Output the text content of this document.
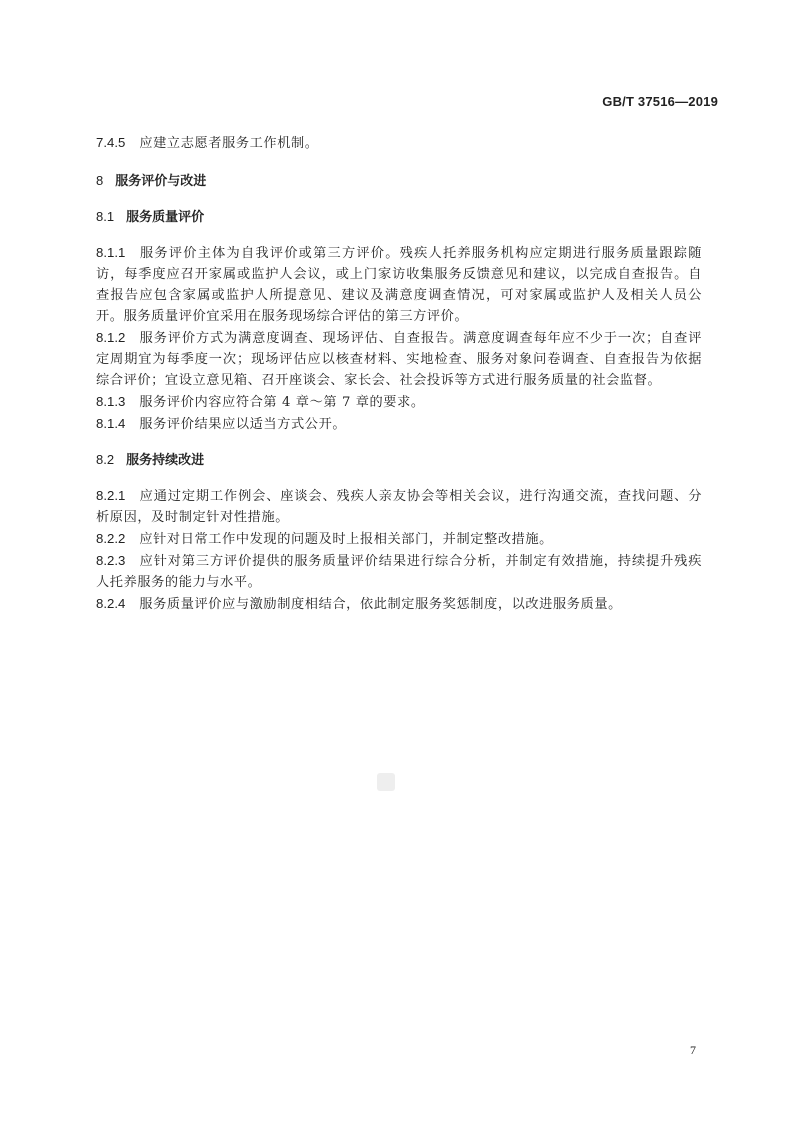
GB/T 37516—2019

7.4.5 应建立志愿者服务工作机制。

8 服务评价与改进

8.1 服务质量评价

8.1.1 服务评价主体为自我评价或第三方评价。残疾人托养服务机构应定期进行服务质量跟踪随访，每季度应召开家属或监护人会议，或上门家访收集服务反馈意见和建议，以完成自查报告。自查报告应包含家属或监护人所提意见、建议及满意度调查情况，可对家属或监护人及相关人员公开。服务质量评价宜采用在服务现场综合评估的第三方评价。

8.1.2 服务评价方式为满意度调查、现场评估、自查报告。满意度调查每年应不少于一次；自查评定周期宜为每季度一次；现场评估应以核查材料、实地检查、服务对象问卷调查、自查报告为依据综合评价；宜设立意见箱、召开座谈会、家长会、社会投诉等方式进行服务质量的社会监督。

8.1.3 服务评价内容应符合第 4 章～第 7 章的要求。

8.1.4 服务评价结果应以适当方式公开。

8.2 服务持续改进

8.2.1 应通过定期工作例会、座谈会、残疾人亲友协会等相关会议，进行沟通交流，查找问题、分析原因，及时制定针对性措施。

8.2.2 应针对日常工作中发现的问题及时上报相关部门，并制定整改措施。

8.2.3 应针对第三方评价提供的服务质量评价结果进行综合分析，并制定有效措施，持续提升残疾人托养服务的能力与水平。

8.2.4 服务质量评价应与激励制度相结合，依此制定服务奖惩制度，以改进服务质量。

7
